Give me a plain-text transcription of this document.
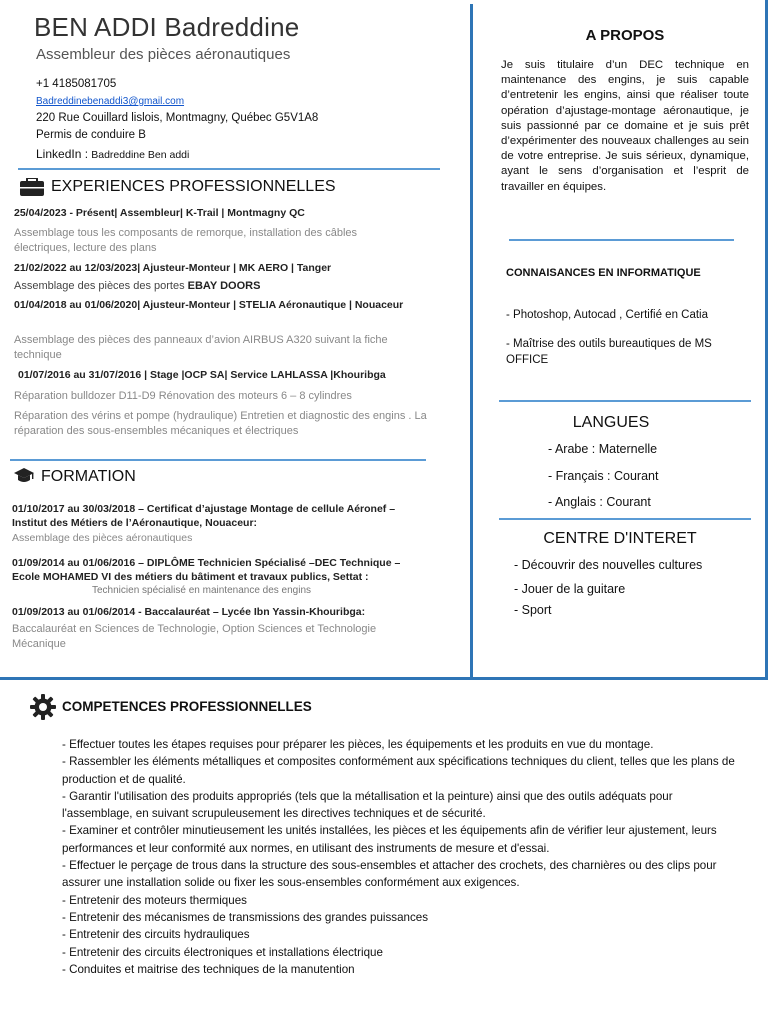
BEN ADDI Badreddine
Assembleur des pièces aéronautiques
+1 4185081705
Badreddinebenaddi3@gmail.com
220 Rue Couillard lislois, Montmagny, Québec G5V1A8
Permis de conduire B
LinkedIn : Badreddine Ben addi
EXPERIENCES PROFESSIONNELLES
25/04/2023 - Présent| Assembleur| K-Trail | Montmagny QC
Assemblage tous les composants de remorque, installation des câbles électriques, lecture des plans
21/02/2022 au 12/03/2023| Ajusteur-Monteur | MK AERO | Tanger
Assemblage des pièces des portes EBAY DOORS
01/04/2018 au 01/06/2020| Ajusteur-Monteur | STELIA Aéronautique | Nouaceur
Assemblage des pièces des panneaux d’avion AIRBUS A320 suivant la fiche technique
01/07/2016 au 31/07/2016 | Stage |OCP SA| Service LAHLASSA |Khouribga
Réparation bulldozer D11-D9 Rénovation des moteurs 6 – 8 cylindres
Réparation des vérins et pompe (hydraulique) Entretien et diagnostic des engins . La réparation des sous-ensembles mécaniques et électriques
FORMATION
01/10/2017 au 30/03/2018 – Certificat d’ajustage Montage de cellule Aéronef – Institut des Métiers de l’Aéronautique, Nouaceur:
Assemblage des pièces aéronautiques
01/09/2014 au 01/06/2016 – DIPLÔME Technicien Spécialisé –DEC Technique – Ecole MOHAMED VI des métiers du bâtiment et travaux publics, Settat :
Technicien spécialisé en maintenance des engins
01/09/2013 au 01/06/2014 - Baccalauréat – Lycée Ibn Yassin-Khouribga:
Baccalauréat en Sciences de Technologie, Option Sciences et Technologie Mécanique
A PROPOS
Je suis titulaire d’un DEC technique en maintenance des engins, je suis capable d’entretenir les engins, ainsi que réaliser toute opération d’ajustage-montage aéronautique, je suis passionné par ce domaine et je suis prêt d’expérimenter des nouveaux challenges au sein de votre entreprise. Je suis sérieux, dynamique, ayant le sens d’organisation et l’esprit de travailler en équipes.
CONNAISANCES EN INFORMATIQUE
- Photoshop, Autocad , Certifié en Catia
- Maîtrise des outils bureautiques de MS OFFICE
LANGUES
- Arabe : Maternelle
- Français : Courant
- Anglais : Courant
CENTRE D'INTERET
- Découvrir des nouvelles cultures
- Jouer de la guitare
- Sport
COMPETENCES PROFESSIONNELLES
- Effectuer toutes les étapes requises pour préparer les pièces, les équipements et les produits en vue du montage.
- Rassembler les éléments métalliques et composites conformément aux spécifications techniques du client, telles que les plans de production et de qualité.
- Garantir l'utilisation des produits appropriés (tels que la métallisation et la peinture) ainsi que des outils adéquats pour l'assemblage, en suivant scrupuleusement les directives techniques et de sécurité.
- Examiner et contrôler minutieusement les unités installées, les pièces et les équipements afin de vérifier leur ajustement, leurs performances et leur conformité aux normes, en utilisant des instruments de mesure et d'essai.
- Effectuer le perçage de trous dans la structure des sous-ensembles et attacher des crochets, des charnières ou des clips pour assurer une installation solide ou fixer les sous-ensembles conformément aux exigences.
- Entretenir des moteurs thermiques
- Entretenir des mécanismes de transmissions des grandes puissances
- Entretenir des circuits hydrauliques
- Entretenir des circuits électroniques et installations électrique
- Conduites et maitrise des techniques de la manutention
